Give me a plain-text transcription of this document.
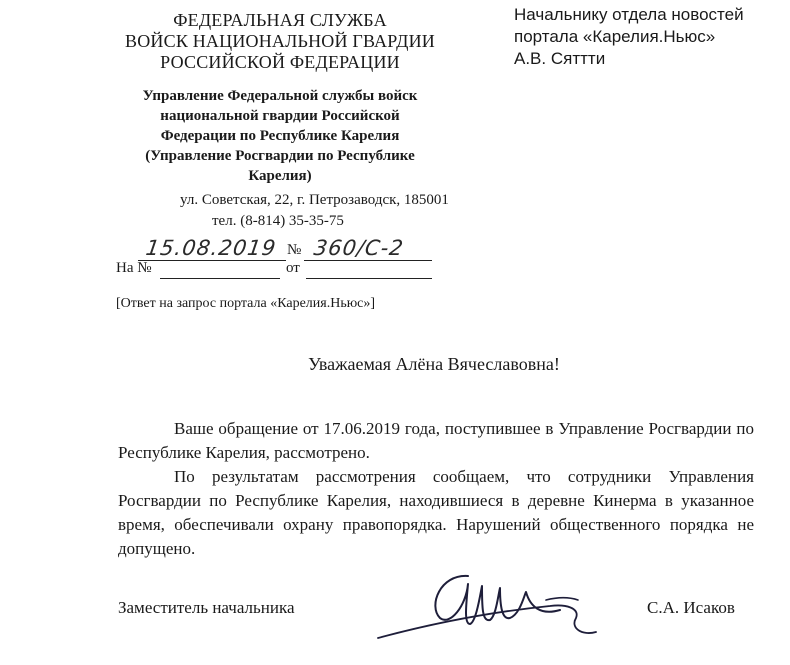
ФЕДЕРАЛЬНАЯ СЛУЖБА
ВОЙСК НАЦИОНАЛЬНОЙ ГВАРДИИ
РОССИЙСКОЙ ФЕДЕРАЦИИ
Управление Федеральной службы войск
национальной гвардии Российской
Федерации по Республике Карелия
(Управление Росгвардии по Республике
Карелия)
ул. Советская, 22, г. Петрозаводск, 185001
тел. (8-814) 35-35-75
15.08.2019 № 360/С-2
На №	от
[Ответ на запрос портала «Карелия.Ньюс»]
Начальнику отдела новостей
портала «Карелия.Ньюс»
А.В. Сяттти
Уважаемая Алёна Вячеславовна!
Ваше обращение от 17.06.2019 года, поступившее в Управление Росгвардии по Республике Карелия, рассмотрено.
По результатам рассмотрения сообщаем, что сотрудники Управления Росгвардии по Республике Карелия, находившиеся в деревне Кинерма в указанное время, обеспечивали охрану правопорядка. Нарушений общественного порядка не допущено.
Заместитель начальника	С.А. Исаков
